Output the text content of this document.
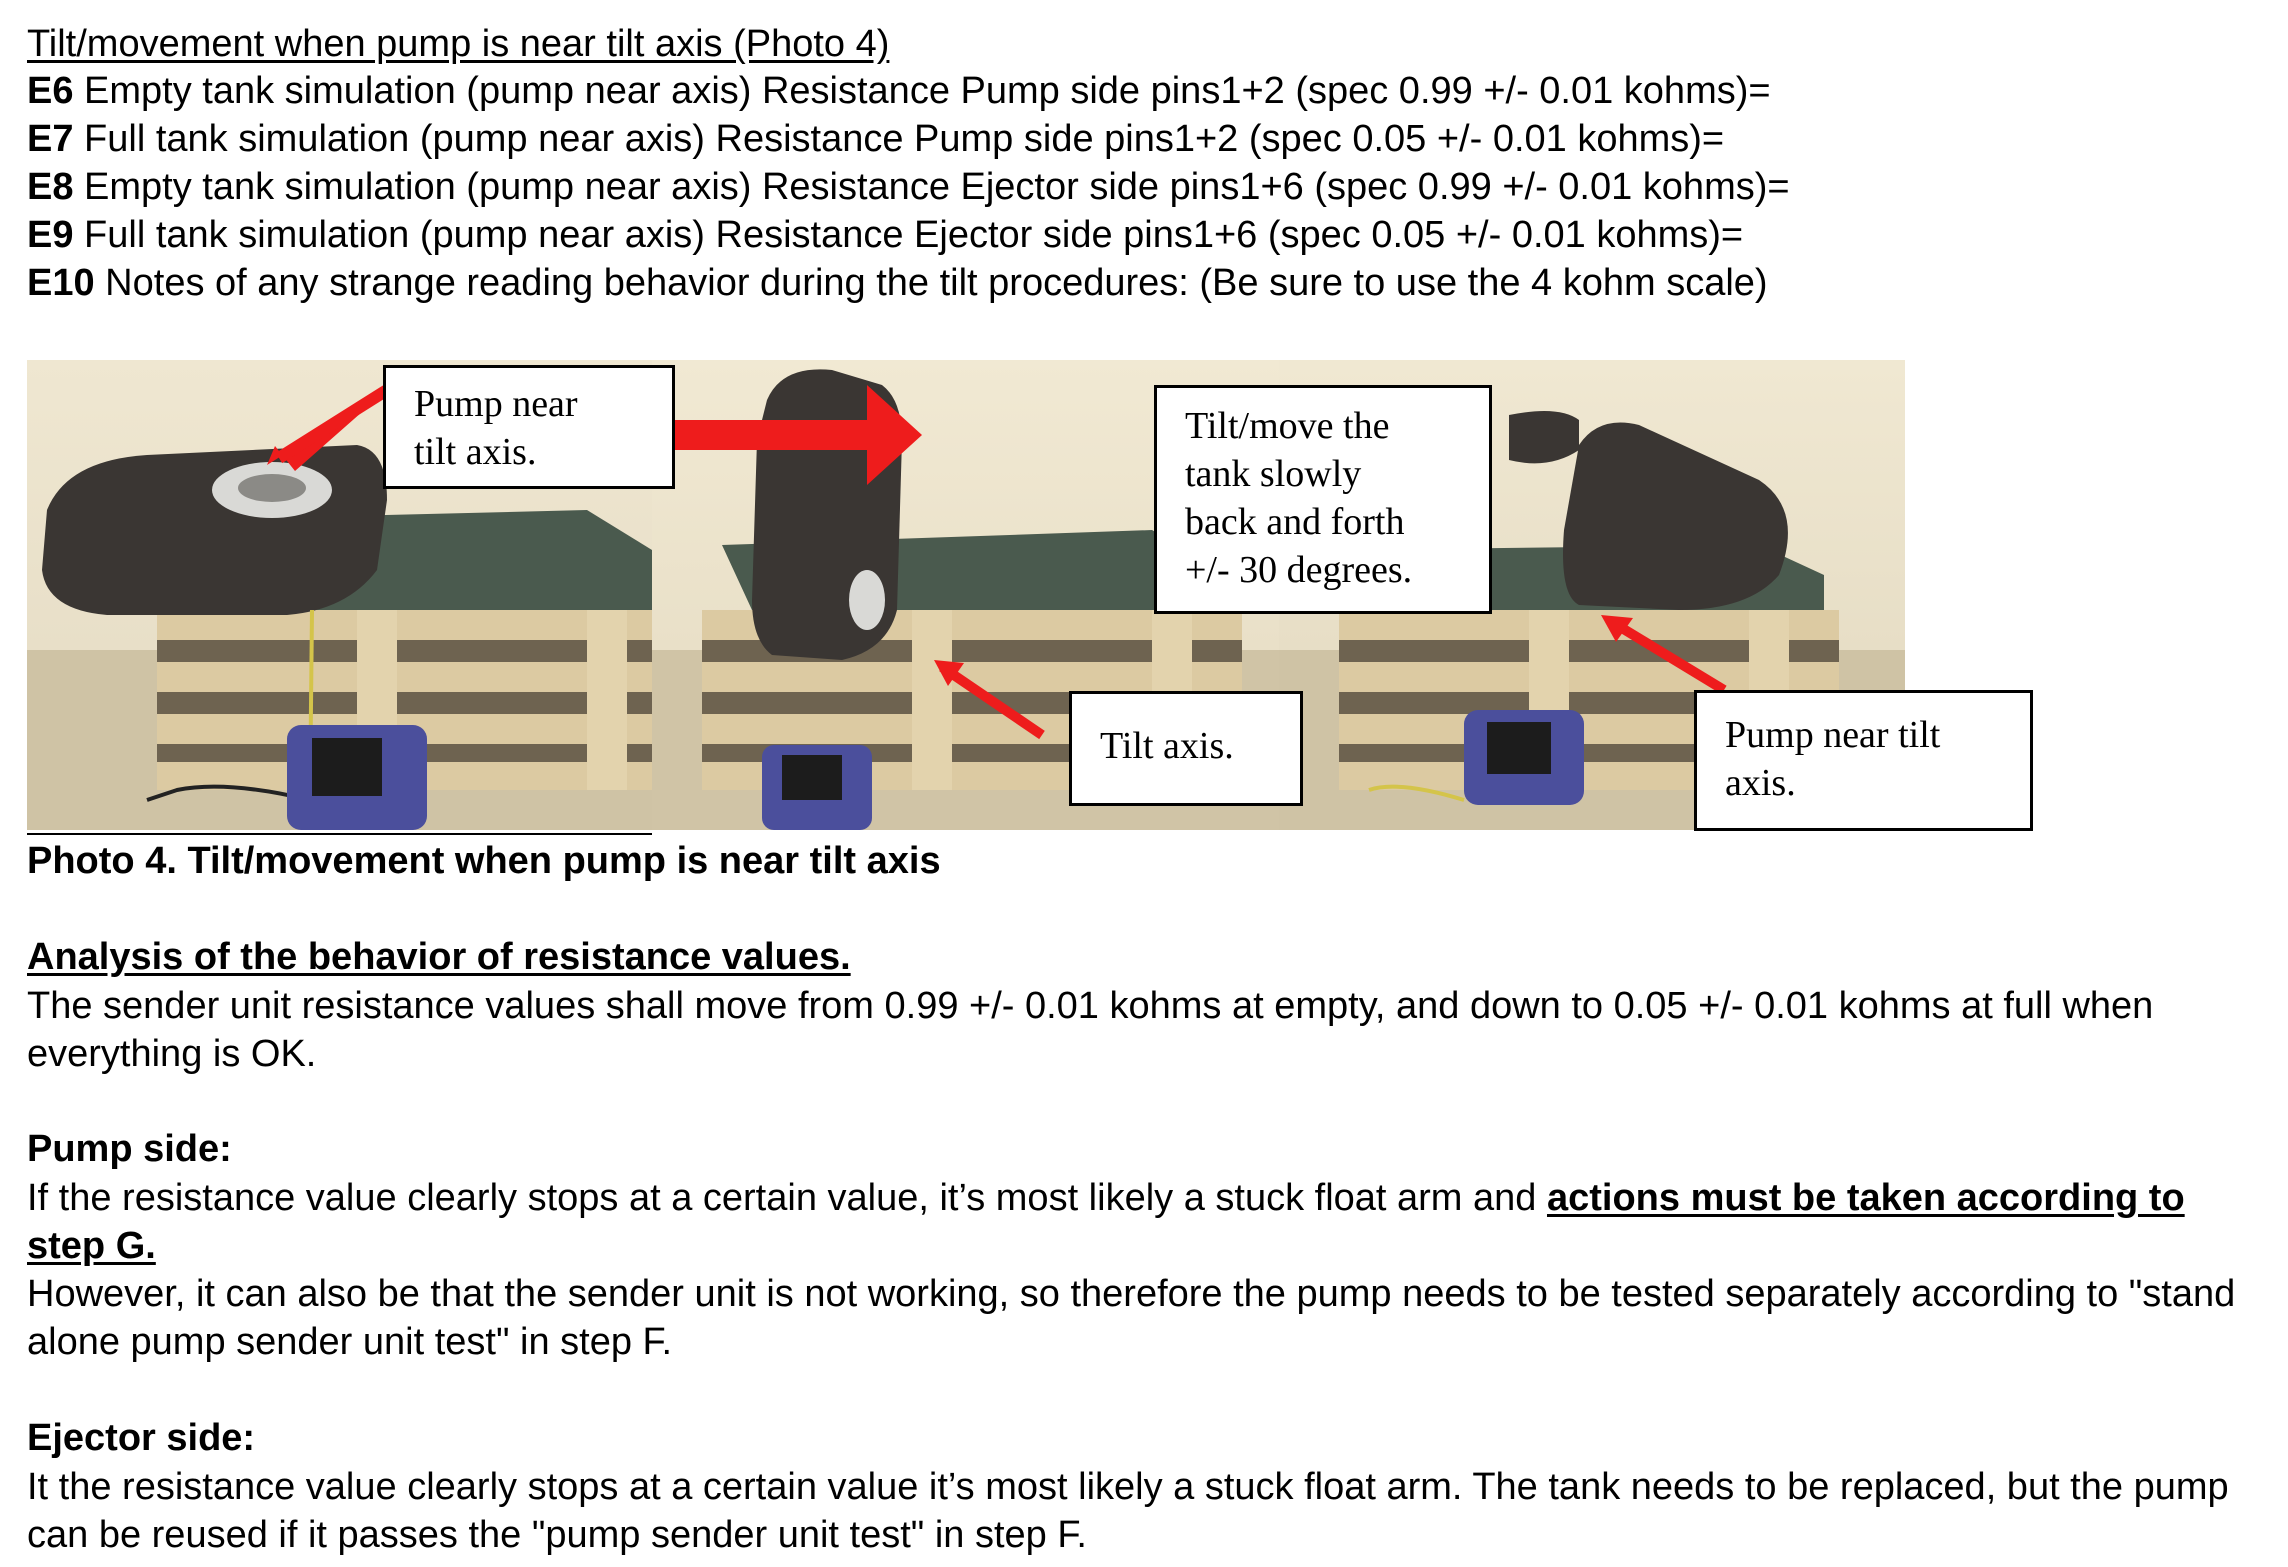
Tilt/movement when pump is near tilt axis (Photo 4)
E6 Empty tank simulation (pump near axis) Resistance Pump side pins1+2 (spec 0.99 +/- 0.01 kohms)=
E7 Full tank simulation (pump near axis) Resistance Pump side pins1+2 (spec 0.05 +/- 0.01 kohms)=
E8 Empty tank simulation (pump near axis) Resistance Ejector side pins1+6 (spec 0.99 +/- 0.01 kohms)=
E9 Full tank simulation (pump near axis) Resistance Ejector side pins1+6 (spec 0.05 +/- 0.01 kohms)=
E10 Notes of any strange reading behavior during the tilt procedures: (Be sure to use the 4 kohm scale)
Pump near
tilt axis.
Tilt/move the
tank slowly
back and forth
+/- 30 degrees.
Tilt axis.	Pump near tilt
axis.
Photo 4. Tilt/movement when pump is near tilt axis
Analysis of the behavior of resistance values.
The sender unit resistance values shall move from 0.99 +/- 0.01 kohms at empty, and down to 0.05 +/- 0.01 kohms at full when everything is OK.
Pump side:
If the resistance value clearly stops at a certain value, it’s most likely a stuck float arm and actions must be taken according to step G.
However, it can also be that the sender unit is not working, so therefore the pump needs to be tested separately according to "stand alone pump sender unit test" in step F.
Ejector side:
It the resistance value clearly stops at a certain value it’s most likely a stuck float arm. The tank needs to be replaced, but the pump can be reused if it passes the "pump sender unit test" in step F.
